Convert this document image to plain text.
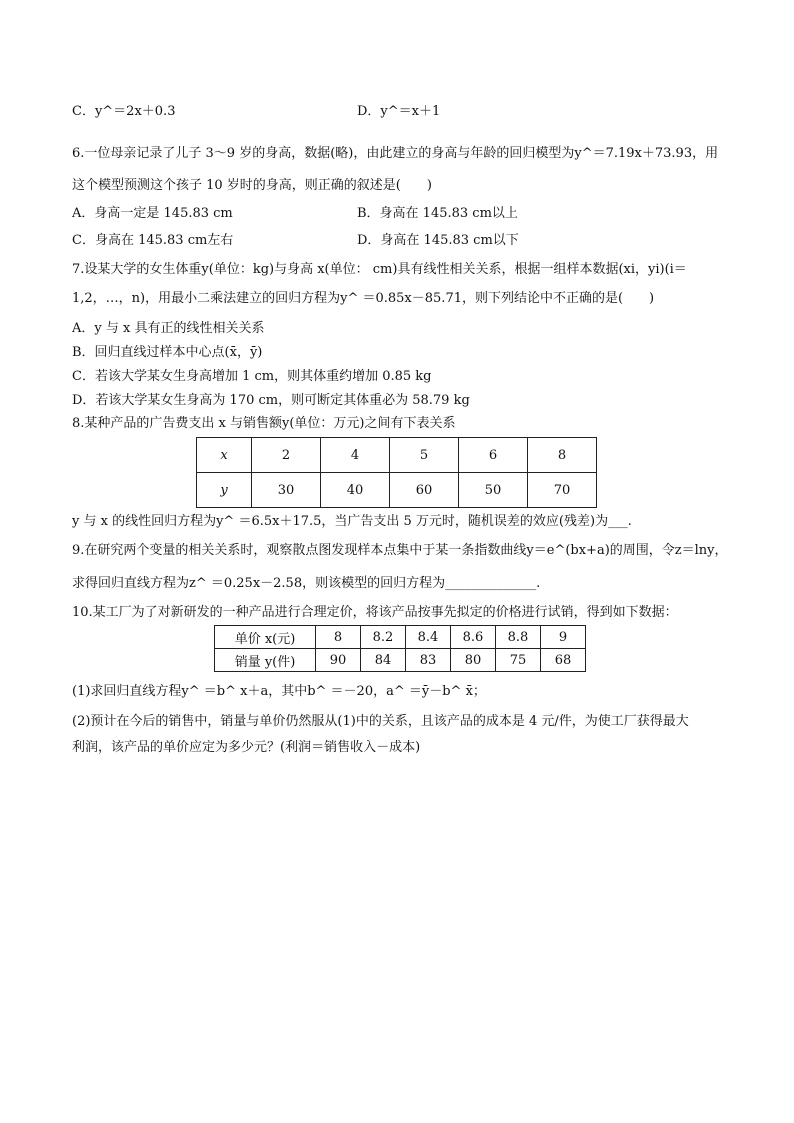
C．y^＝2x＋0.3	D．y^＝x＋1
6.一位母亲记录了儿子 3～9 岁的身高，数据(略)，由此建立的身高与年龄的回归模型为y^＝7.19x＋73.93，用
这个模型预测这个孩子 10 岁时的身高，则正确的叙述是(　　)
A．身高一定是 145.83 cm	B．身高在 145.83 cm以上
C．身高在 145.83 cm左右	D．身高在 145.83 cm以下
7.设某大学的女生体重y(单位：kg)与身高 x(单位： cm)具有线性相关关系，根据一组样本数据(xi，yi)(i＝
1,2，…，n)，用最小二乘法建立的回归方程为y^ ＝0.85x－85.71，则下列结论中不正确的是(　　)
A．y 与 x 具有正的线性相关关系
B．回归直线过样本中心点(x̄，ȳ)
C．若该大学某女生身高增加 1 cm，则其体重约增加 0.85 kg
D．若该大学某女生身高为 170 cm，则可断定其体重必为 58.79 kg
8.某种产品的广告费支出 x 与销售额y(单位：万元)之间有下表关系
x	2	4	5	6	8
y	30	40	60	50	70
y 与 x 的线性回归方程为y^ ＝6.5x＋17.5，当广告支出 5 万元时，随机误差的效应(残差)为___.
9.在研究两个变量的相关关系时，观察散点图发现样本点集中于某一条指数曲线y＝e^(bx+a)的周围，令z＝lny，
求得回归直线方程为z^ ＝0.25x－2.58，则该模型的回归方程为______________.
10.某工厂为了对新研发的一种产品进行合理定价，将该产品按事先拟定的价格进行试销，得到如下数据：
单价 x(元)	8	8.2	8.4	8.6	8.8	9
销量 y(件)	90	84	83	80	75	68
(1)求回归直线方程y^ ＝b^ x＋a，其中b^ ＝－20，a^ ＝ȳ－b^ x̄；
(2)预计在今后的销售中，销量与单价仍然服从(1)中的关系，且该产品的成本是 4 元/件，为使工厂获得最大
利润，该产品的单价应定为多少元？(利润＝销售收入－成本)
